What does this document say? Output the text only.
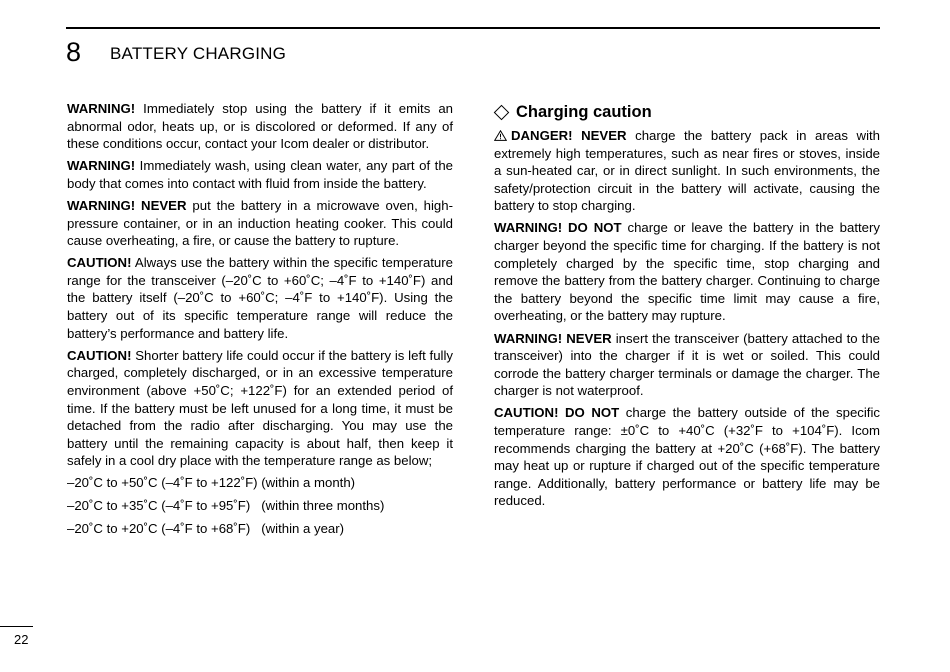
8 BATTERY CHARGING

WARNING! Immediately stop using the battery if it emits an abnormal odor, heats up, or is discolored or deformed. If any of these conditions occur, contact your Icom dealer or distributor.

WARNING! Immediately wash, using clean water, any part of the body that comes into contact with fluid from inside the battery.

WARNING! NEVER put the battery in a microwave oven, high-pressure container, or in an induction heating cooker. This could cause overheating, a fire, or cause the battery to rupture.

CAUTION! Always use the battery within the specific temperature range for the transceiver (–20˚C to +60˚C; –4˚F to +140˚F) and the battery itself (–20˚C to +60˚C; –4˚F to +140˚F). Using the battery out of its specific temperature range will reduce the battery’s performance and battery life.

CAUTION! Shorter battery life could occur if the battery is left fully charged, completely discharged, or in an excessive temperature environment (above +50˚C; +122˚F) for an extended period of time. If the battery must be left unused for a long time, it must be detached from the radio after discharging. You may use the battery until the remaining capacity is about half, then keep it safely in a cool dry place with the temperature range as below;

–20˚C to +50˚C (–4˚F to +122˚F) (within a month)

–20˚C to +35˚C (–4˚F to +95˚F)   (within three months)

–20˚C to +20˚C (–4˚F to +68˚F)   (within a year)

Charging caution

DANGER! NEVER charge the battery pack in areas with extremely high temperatures, such as near fires or stoves, inside a sun-heated car, or in direct sunlight. In such environments, the safety/protection circuit in the battery will activate, causing the battery to stop charging.

WARNING! DO NOT charge or leave the battery in the battery charger beyond the specific time for charging. If the battery is not completely charged by the specific time, stop charging and remove the battery from the battery charger. Continuing to charge the battery beyond the specific time limit may cause a fire, overheating, or the battery may rupture.

WARNING! NEVER insert the transceiver (battery attached to the transceiver) into the charger if it is wet or soiled. This could corrode the battery charger terminals or damage the charger. The charger is not waterproof.

CAUTION! DO NOT charge the battery outside of the specific temperature range: ±0˚C to +40˚C (+32˚F to +104˚F). Icom recommends charging the battery at +20˚C (+68˚F). The battery may heat up or rupture if charged out of the specific temperature range. Additionally, battery performance or battery life may be reduced.

22
